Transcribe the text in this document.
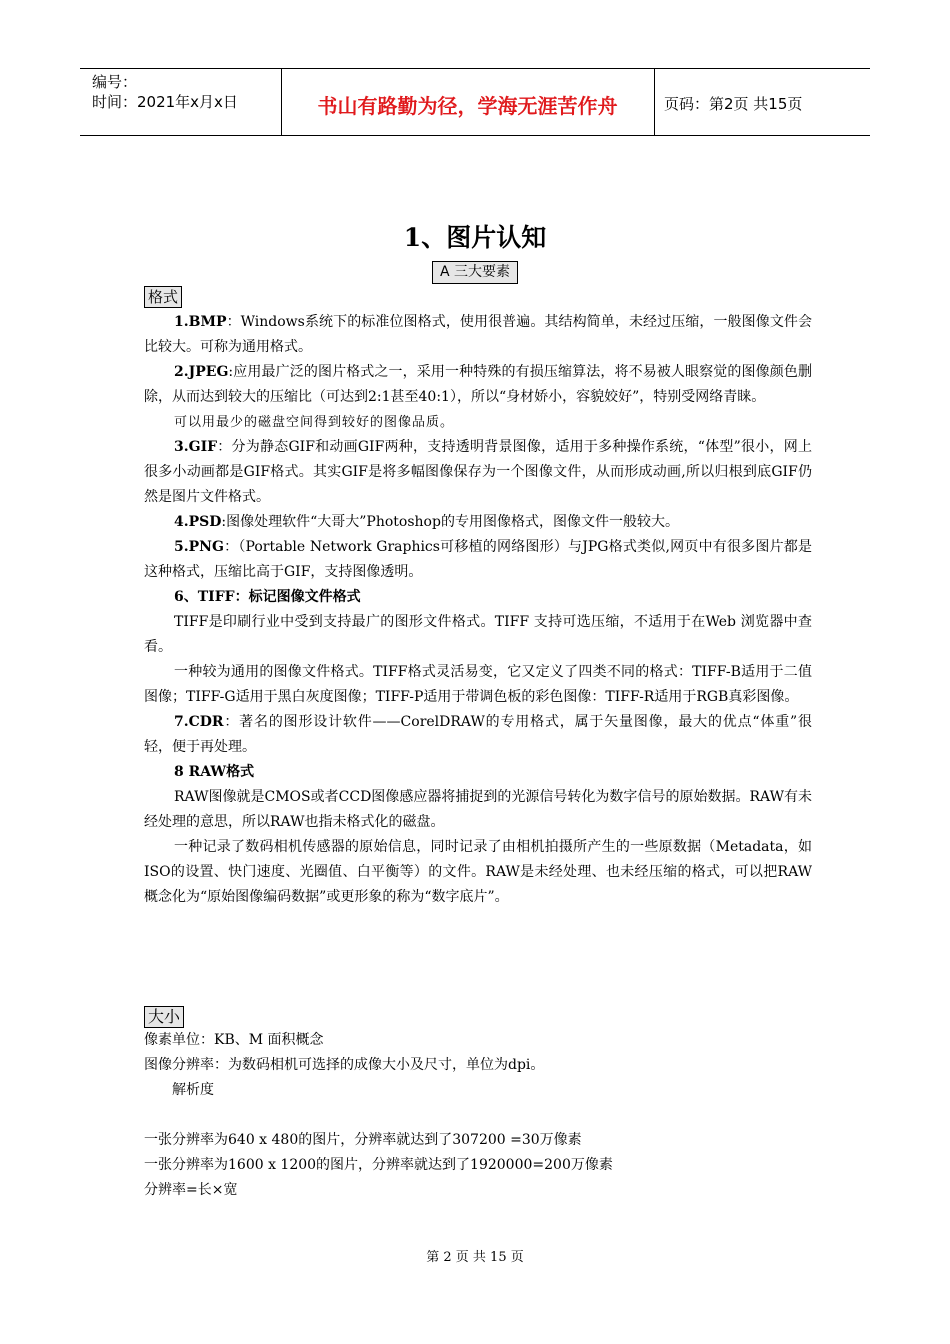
编号：
时间：2021年x月x日	书山有路勤为径，学海无涯苦作舟	页码：第2页 共15页
1、图片认知
A 三大要素
格式

1.BMP：Windows系统下的标准位图格式，使用很普遍。其结构简单，未经过压缩，一般图像文件会比较大。可称为通用格式。

2.JPEG:应用最广泛的图片格式之一，采用一种特殊的有损压缩算法，将不易被人眼察觉的图像颜色删除，从而达到较大的压缩比（可达到2:1甚至40:1），所以“身材娇小，容貌姣好”，特别受网络青睐。

可以用最少的磁盘空间得到较好的图像品质。

3.GIF：分为静态GIF和动画GIF两种，支持透明背景图像，适用于多种操作系统，“体型”很小，网上很多小动画都是GIF格式。其实GIF是将多幅图像保存为一个图像文件，从而形成动画,所以归根到底GIF仍然是图片文件格式。

4.PSD:图像处理软件“大哥大”Photoshop的专用图像格式，图像文件一般较大。

5.PNG：（Portable Network Graphics可移植的网络图形）与JPG格式类似,网页中有很多图片都是这种格式，压缩比高于GIF，支持图像透明。

6、TIFF：标记图像文件格式

TIFF是印刷行业中受到支持最广的图形文件格式。TIFF 支持可选压缩，不适用于在Web 浏览器中查看。

一种较为通用的图像文件格式。TIFF格式灵活易变，它又定义了四类不同的格式：TIFF-B适用于二值图像；TIFF-G适用于黑白灰度图像；TIFF-P适用于带调色板的彩色图像：TIFF-R适用于RGB真彩图像。

7.CDR：著名的图形设计软件——CorelDRAW的专用格式，属于矢量图像，最大的优点“体重”很轻，便于再处理。

8 RAW格式

RAW图像就是CMOS或者CCD图像感应器将捕捉到的光源信号转化为数字信号的原始数据。RAW有未经处理的意思，所以RAW也指未格式化的磁盘。

一种记录了数码相机传感器的原始信息，同时记录了由相机拍摄所产生的一些原数据（Metadata，如ISO的设置、快门速度、光圈值、白平衡等）的文件。RAW是未经处理、也未经压缩的格式，可以把RAW概念化为“原始图像编码数据”或更形象的称为“数字底片”。

大小

像素单位：KB、M 面积概念

图像分辨率：为数码相机可选择的成像大小及尺寸，单位为dpi。

解析度

一张分辨率为640 x 480的图片，分辨率就达到了307200 =30万像素

一张分辨率为1600 x 1200的图片，分辨率就达到了1920000=200万像素

分辨率=长×宽

第 2 页 共 15 页
